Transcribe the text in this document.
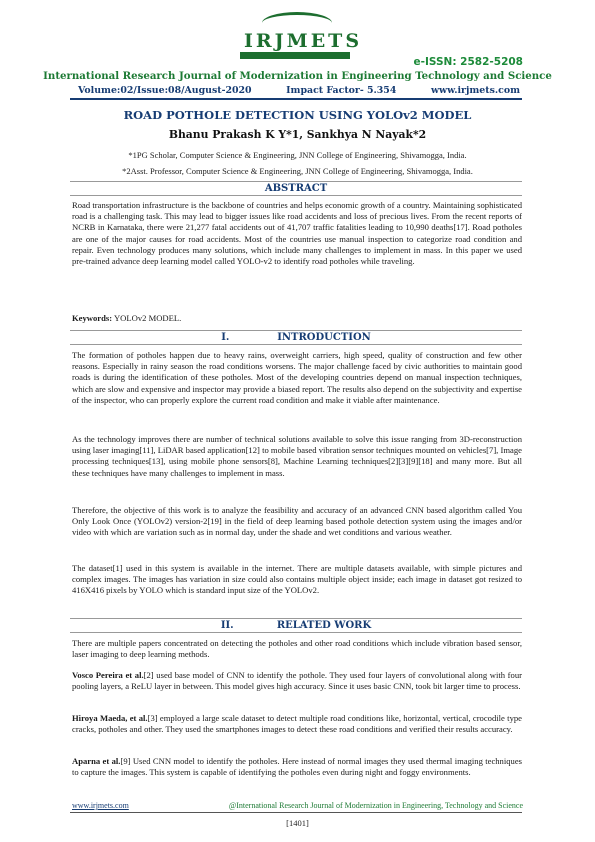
IRJMETS
e-ISSN: 2582-5208
International Research Journal of Modernization in Engineering Technology and Science
Volume:02/Issue:08/August-2020	Impact Factor- 5.354	www.irjmets.com
ROAD POTHOLE DETECTION USING YOLOv2 MODEL
Bhanu Prakash K Y*1, Sankhya N Nayak*2
*1PG Scholar, Computer Science & Engineering, JNN College of Engineering, Shivamogga, India.
*2Asst. Professor, Computer Science & Engineering, JNN College of Engineering, Shivamogga, India.
ABSTRACT
Road transportation infrastructure is the backbone of countries and helps economic growth of a country. Maintaining sophisticated road is a challenging task. This may lead to bigger issues like road accidents and loss of precious lives. From the recent reports of NCRB in Karnataka, there were 21,277 fatal accidents out of 41,707 traffic fatalities leading to 10,990 deaths[17]. Road potholes are one of the major causes for road accidents. Most of the countries use manual inspection to categorize road condition and repair. Even technology produces many solutions, which include many challenges to implement in mass. In this paper we used pre-trained advance deep learning model called YOLO-v2 to identify road potholes while traveling.
Keywords: YOLOv2 MODEL.
I.	INTRODUCTION
The formation of potholes happen due to heavy rains, overweight carriers, high speed, quality of construction and few other reasons. Especially in rainy season the road conditions worsens. The major challenge faced by civic authorities to maintain good roads is during the identification of these potholes. Most of the developing countries depend on manual inspection techniques, which are slow and expensive and inspector may provide a biased report. The results also depend on the subjectivity and expertise of the inspector, who can properly explore the current road condition and make it viable after maintenance.
As the technology improves there are number of technical solutions available to solve this issue ranging from 3D-reconstruction using laser imaging[11], LiDAR based application[12] to mobile based vibration sensor techniques mounted on vehicles[7], Image processing techniques[13], using mobile phone sensors[8], Machine Learning techniques[2][3][9][18] and many more. But all these techniques have many challenges to implement in mass.
Therefore, the objective of this work is to analyze the feasibility and accuracy of an advanced CNN based algorithm called You Only Look Once (YOLOv2) version-2[19] in the field of deep learning based pothole detection system using the images and/or video with which are variation such as in normal day, under the shade and wet conditions and various weather.
The dataset[1] used in this system is available in the internet. There are multiple datasets available, with simple pictures and complex images. The images has variation in size could also contains multiple object inside; each image in dataset got resized to 416X416 pixels by YOLO which is standard input size of the YOLOv2.
II.	RELATED WORK
There are multiple papers concentrated on detecting the potholes and other road conditions which include vibration based sensor, laser imaging to deep learning methods.
Vosco Pereira et al.[2] used base model of CNN to identify the pothole. They used four layers of convolutional along with four pooling layers, a ReLU layer in between. This model gives high accuracy. Since it uses basic CNN, took bit larger time to process.
Hiroya Maeda, et al.[3] employed a large scale dataset to detect multiple road conditions like, horizontal, vertical, crocodile type cracks, potholes and other. They used the smartphones images to detect these road conditions and verified their results accuracy.
Aparna et al.[9] Used CNN model to identify the potholes. Here instead of normal images they used thermal imaging techniques to capture the images. This system is capable of identifying the potholes even during night and foggy environments.
www.irjmets.com	@International Research Journal of Modernization in Engineering, Technology and Science
[1401]
